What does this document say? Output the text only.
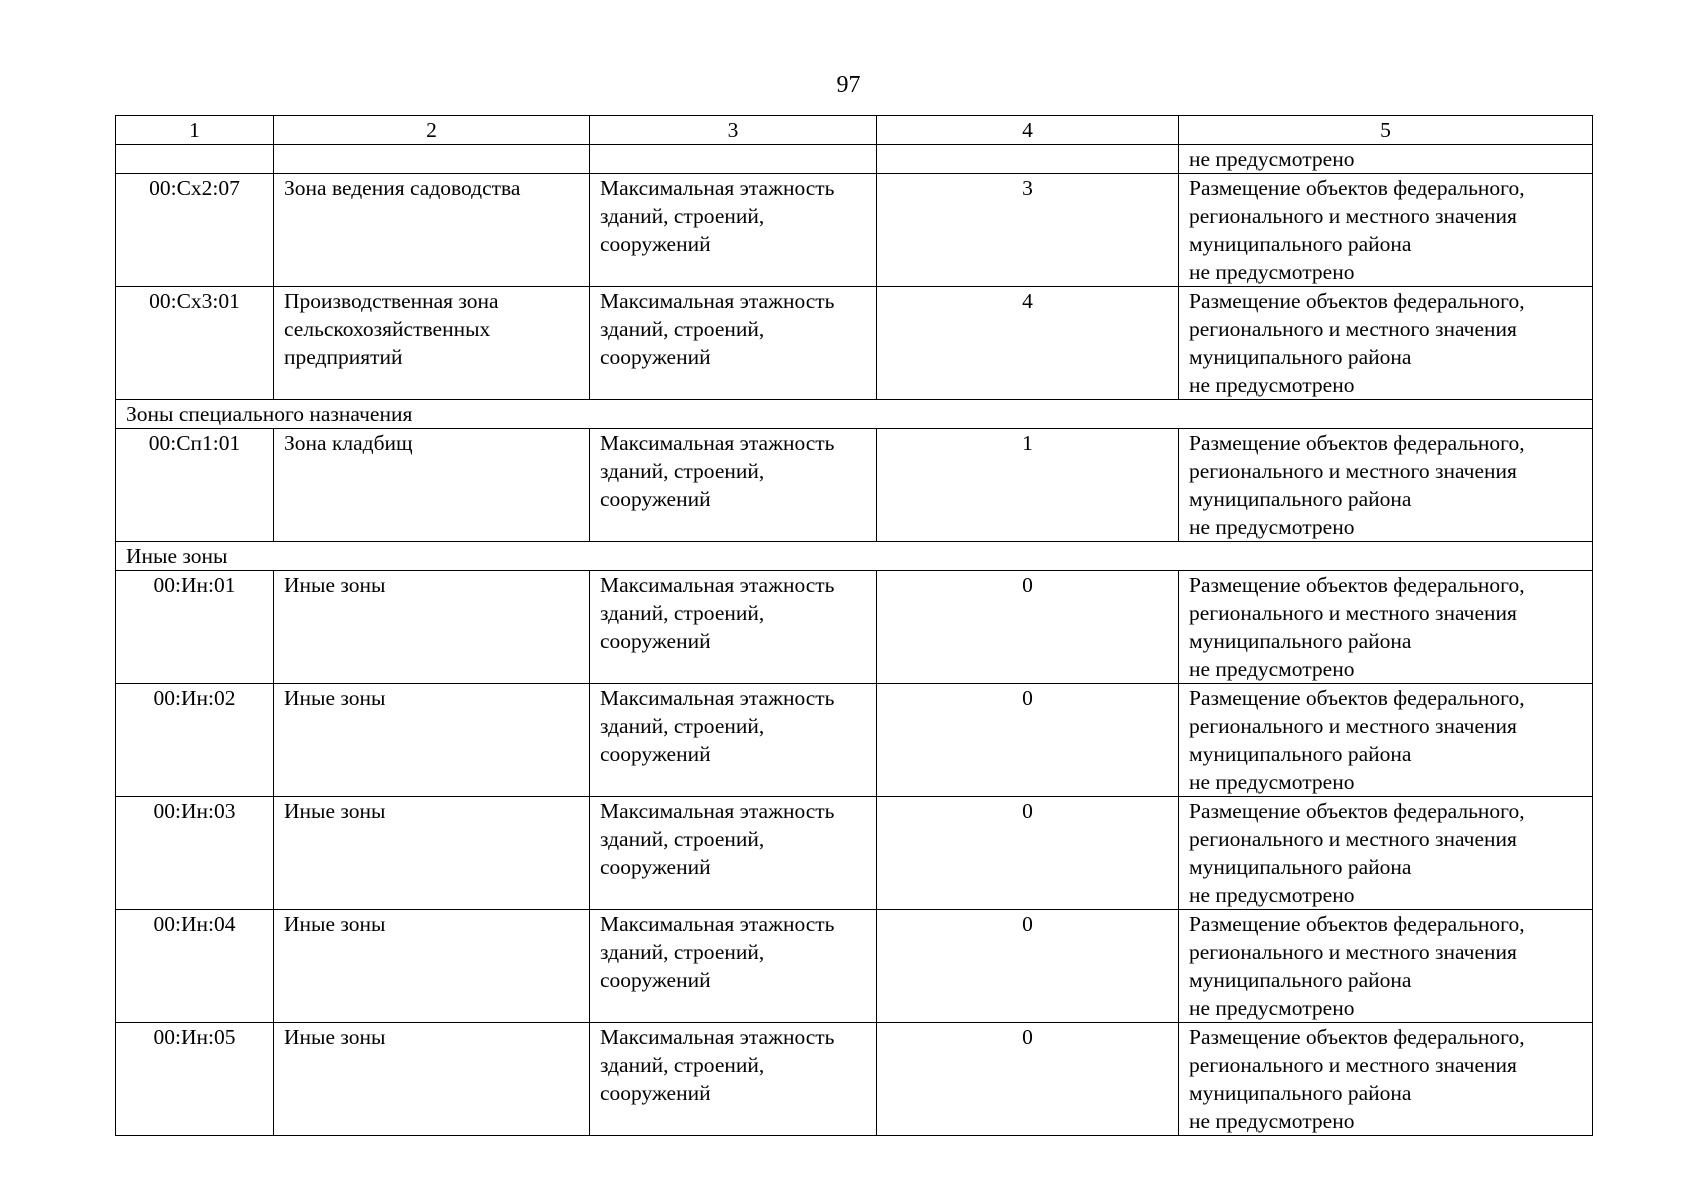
97
1	2	3	4	5

				не предусмотрено

00:Сх2:07	Зона ведения садоводства	Максимальная этажность
зданий, строений,
сооружений	3	Размещение объектов федерального,
регионального и местного значения
муниципального района
не предусмотрено

00:Сх3:01	Производственная зона
сельскохозяйственных
предприятий	Максимальная этажность
зданий, строений,
сооружений	4	Размещение объектов федерального,
регионального и местного значения
муниципального района
не предусмотрено

Зоны специального назначения				
00:Сп1:01	Зона кладбищ	Максимальная этажность
зданий, строений,
сооружений	1	Размещение объектов федерального,
регионального и местного значения
муниципального района
не предусмотрено

Иные зоны				
00:Ин:01	Иные зоны	Максимальная этажность
зданий, строений,
сооружений	0	Размещение объектов федерального,
регионального и местного значения
муниципального района
не предусмотрено

00:Ин:02	Иные зоны	Максимальная этажность
зданий, строений,
сооружений	0	Размещение объектов федерального,
регионального и местного значения
муниципального района
не предусмотрено

00:Ин:03	Иные зоны	Максимальная этажность
зданий, строений,
сооружений	0	Размещение объектов федерального,
регионального и местного значения
муниципального района
не предусмотрено

00:Ин:04	Иные зоны	Максимальная этажность
зданий, строений,
сооружений	0	Размещение объектов федерального,
регионального и местного значения
муниципального района
не предусмотрено

00:Ин:05	Иные зоны	Максимальная этажность
зданий, строений,
сооружений	0	Размещение объектов федерального,
регионального и местного значения
муниципального района
не предусмотрено
